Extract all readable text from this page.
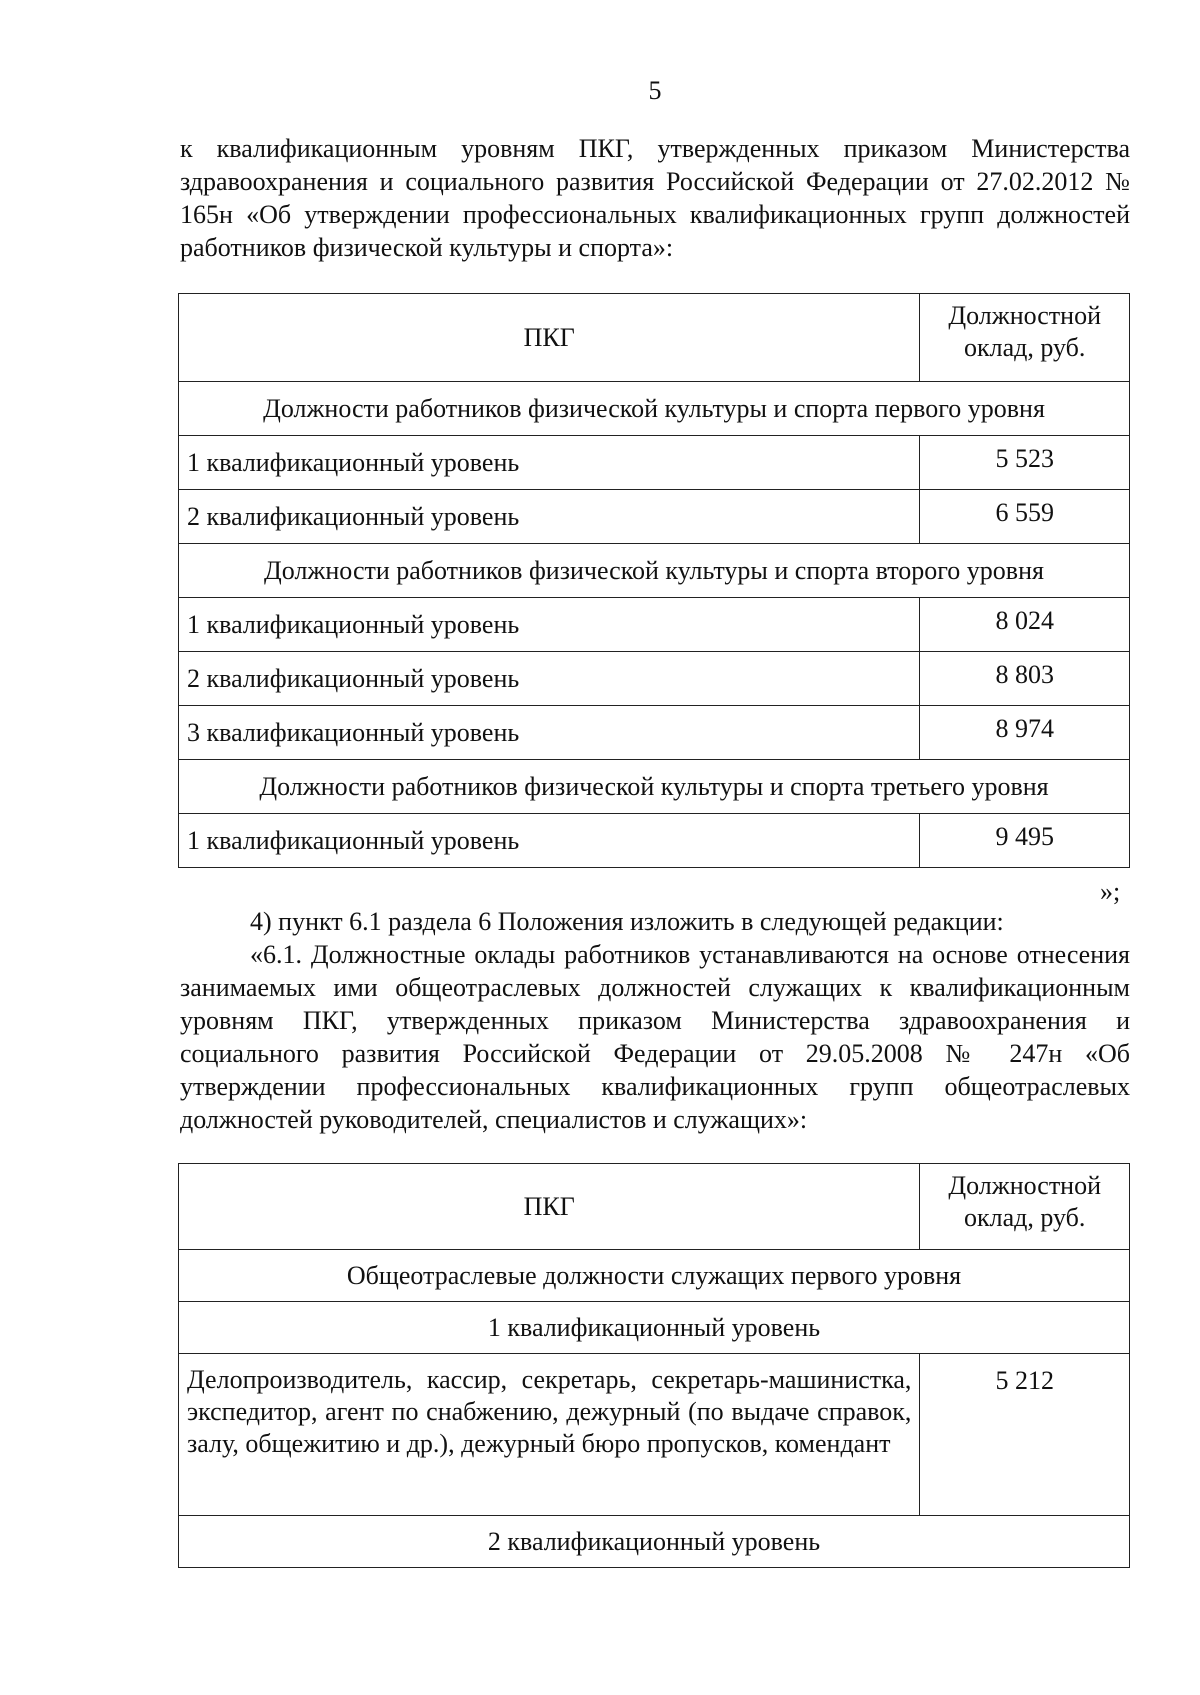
5
к квалификационным уровням ПКГ, утвержденных приказом Министерства здравоохранения и социального развития Российской Федерации от 27.02.2012 № 165н «Об утверждении профессиональных квалификационных групп должностей работников физической культуры и спорта»:
ПКГ	Должностной
оклад, руб.

Должности работников физической культуры и спорта первого уровня	
1 квалификационный уровень	5 523
2 квалификационный уровень	6 559
Должности работников физической культуры и спорта второго уровня	
1 квалификационный уровень	8 024
2 квалификационный уровень	8 803
3 квалификационный уровень	8 974
Должности работников физической культуры и спорта третьего уровня	
1 квалификационный уровень	9 495
»;

4) пункт 6.1 раздела 6 Положения изложить в следующей редакции:

«6.1. Должностные оклады работников устанавливаются на основе отнесения занимаемых ими общеотраслевых должностей служащих к квалификационным уровням ПКГ, утвержденных приказом Министерства здравоохранения и социального развития Российской Федерации от 29.05.2008 № 247н «Об утверждении профессиональных квалификационных групп общеотраслевых должностей руководителей, специалистов и служащих»:

ПКГ	Должностной
оклад, руб.

Общеотраслевые должности служащих первого уровня	
1 квалификационный уровень	
Делопроизводитель, кассир, секретарь, секретарь-машинистка, экспедитор, агент по снабжению, дежурный (по выдаче справок, залу, общежитию и др.), дежурный бюро пропусков, комендант	5 212
2 квалификационный уровень	
